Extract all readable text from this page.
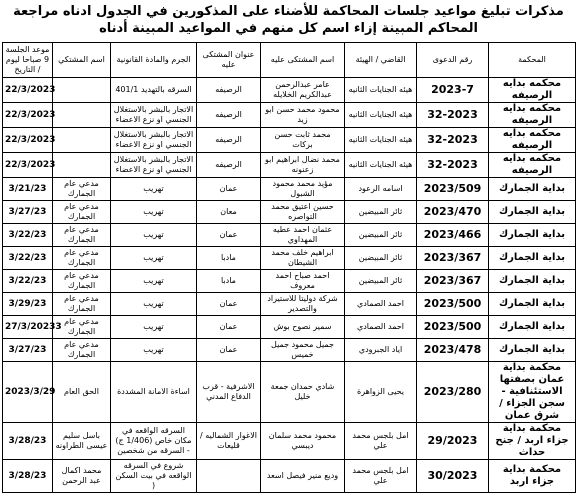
مذكرات تبليغ مواعيد جلسات المحاكمة للأضناء على المذكورين في الجدول ادناه مراجعة المحاكم المبينة إزاء اسم كل منهم في المواعيد المبينة أدناه
المحكمة	رقم الدعوى	القاضي / الهيئة	اسم المشتكى عليه	عنوان المشتكى عليه	الجرم والمادة القانونية	اسم المشتكي	موعد الجلسة 9 صباحا ليوم / التاريخ
محكمه بدايه الرصيفه	2023-7	هيئه الجنايات الثانيه	عامر عبدالرحمن عبدالكريم الخلايله	الرصيفه	السرقه بالتهديد 401/1		22/3/2023
محكمه بدايه الرصيفه	32-2023	هيئه الجنايات الثانيه	محمود محمد حسن ابو زيد	الرصيفه	الاتجار بالبشر بالاستغلال الجنسي او نزع الاعضاء		22/3/2023
محكمه بدايه الرصيفه	32-2023	هيئه الجنايات الثانيه	محمد ثابت حسن بركات	الرصيفه	الاتجار بالبشر بالاستغلال الجنسي او نزع الاعضاء		22/3/2023
محكمه بدايه الرصيفه	32-2023	هيئه الجنايات الثانيه	محمد نضال ابراهيم ابو زعنونه	الرصيفه	الاتجار بالبشر بالاستغلال الجنسي او نزع الاعضاء		22/3/2023
بداية الجمارك	2023/509	اسامه الرعود	مؤيد محمد محمود الشبول	عمان	تهريب	مدعي عام الجمارك	3/21/23
بداية الجمارك	2023/470	ثائر المبيضين	حسين اعتيق محمد التواصره	معان	تهريب	مدعي عام الجمارك	3/27/23
بداية الجمارك	2023/466	ثائر المبيضين	عثمان احمد عطيه المهداوي	عمان	تهريب	مدعي عام الجمارك	3/22/23
بداية الجمارك	2023/367	ثائر المبيضين	ابراهيم خلف محمد الشيطان	مادبا	تهريب	مدعي عام الجمارك	3/22/23
بداية الجمارك	2023/367	ثائر المبيضين	احمد صباح احمد معروف	مادبا	تهريب	مدعي عام الجمارك	3/22/23
بداية الجمارك	2023/500	احمد الصمادي	شركة دوليتا للاستيراد والتصدير	عمان	تهريب	مدعي عام الجمارك	3/29/23
بداية الجمارك	2023/500	احمد الصمادي	سمير نصوح بوش	عمان	تهريب	مدعي عام الجمارك	27/3/20233
بداية الجمارك	2023/478	اياد الجبرودي	جميل محمود جميل خميس	عمان	تهريب	مدعي عام الجمارك	3/27/23
محكمة بداية عمان بصفتها الاستئنافية - سجن الجزاء /شرق عمان	2023/280	يحيى الزواهرة	شادي حمدان جمعة خليل	الاشرفية - قرب الدفاع المدني	اساءة الامانة المشددة	الحق العام	2023/3/29
محكمة بداية جزاء اربد / جنح حداث	29/2023	امل بلجس محمد علي	محمود محمد سلمان ديبسي	الاغوار الشماليه / قليعات	السرقه الواقعه في مكان خاص (1/406 ج) - السرقه من شخصين	باسل سليم عيسى الطراونه	3/28/23
محكمة بداية جزاء اربد	30/2023	امل بلجس محمد علي	وديع منير فيصل اسعد		شروع في السرقه الواقعه في بيت السكن (	محمد اكمال عبد الرحمن	3/28/23
